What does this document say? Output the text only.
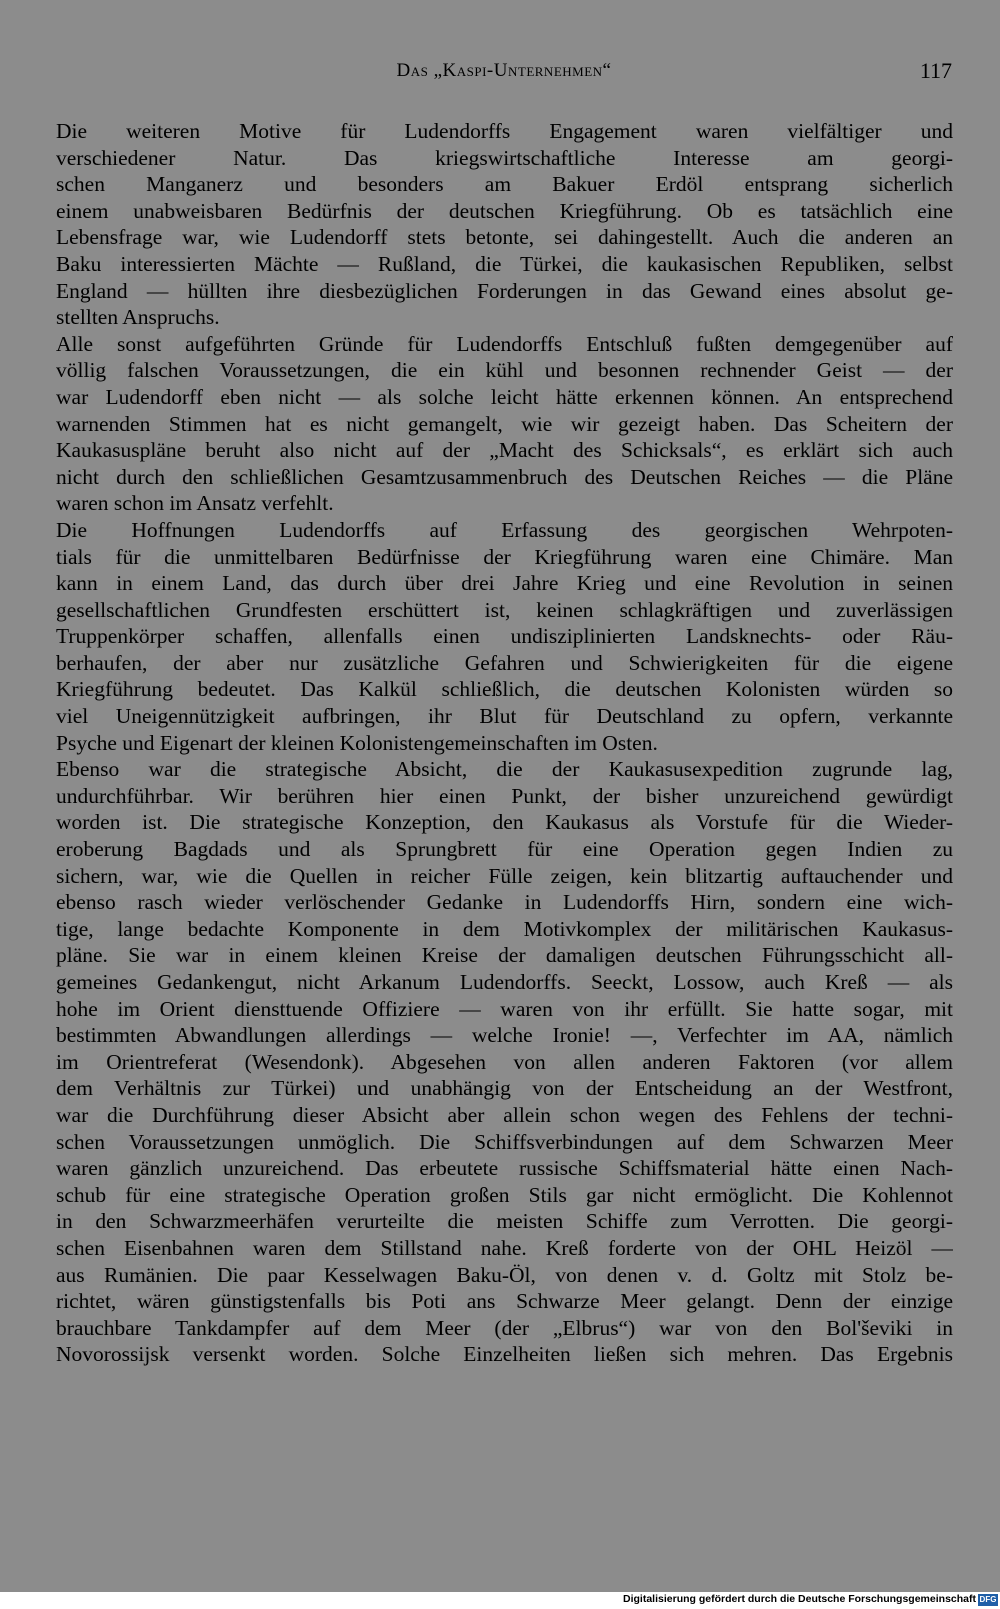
Das „Kaspi-Unternehmen“	117
Die weiteren Motive für Ludendorffs Engagement waren vielfältiger und
verschiedener Natur. Das kriegswirtschaftliche Interesse am georgi-
schen Manganerz und besonders am Bakuer Erdöl entsprang sicherlich
einem unabweisbaren Bedürfnis der deutschen Kriegführung. Ob es tatsächlich eine
Lebensfrage war, wie Ludendorff stets betonte, sei dahingestellt. Auch die anderen an
Baku interessierten Mächte — Rußland, die Türkei, die kaukasischen Republiken, selbst
England — hüllten ihre diesbezüglichen Forderungen in das Gewand eines absolut ge-
stellten Anspruchs.
Alle sonst aufgeführten Gründe für Ludendorffs Entschluß fußten demgegenüber auf
völlig falschen Voraussetzungen, die ein kühl und besonnen rechnender Geist — der
war Ludendorff eben nicht — als solche leicht hätte erkennen können. An entsprechend
warnenden Stimmen hat es nicht gemangelt, wie wir gezeigt haben. Das Scheitern der
Kaukasuspläne beruht also nicht auf der „Macht des Schicksals“, es erklärt sich auch
nicht durch den schließlichen Gesamtzusammenbruch des Deutschen Reiches — die Pläne
waren schon im Ansatz verfehlt.
Die Hoffnungen Ludendorffs auf Erfassung des georgischen Wehrpoten-
tials für die unmittelbaren Bedürfnisse der Kriegführung waren eine Chimäre. Man
kann in einem Land, das durch über drei Jahre Krieg und eine Revolution in seinen
gesellschaftlichen Grundfesten erschüttert ist, keinen schlagkräftigen und zuverlässigen
Truppenkörper schaffen, allenfalls einen undisziplinierten Landsknechts- oder Räu-
berhaufen, der aber nur zusätzliche Gefahren und Schwierigkeiten für die eigene
Kriegführung bedeutet. Das Kalkül schließlich, die deutschen Kolonisten würden so
viel Uneigennützigkeit aufbringen, ihr Blut für Deutschland zu opfern, verkannte
Psyche und Eigenart der kleinen Kolonistengemeinschaften im Osten.
Ebenso war die strategische Absicht, die der Kaukasusexpedition zugrunde lag,
undurchführbar. Wir berühren hier einen Punkt, der bisher unzureichend gewürdigt
worden ist. Die strategische Konzeption, den Kaukasus als Vorstufe für die Wieder-
eroberung Bagdads und als Sprungbrett für eine Operation gegen Indien zu
sichern, war, wie die Quellen in reicher Fülle zeigen, kein blitzartig auftauchender und
ebenso rasch wieder verlöschender Gedanke in Ludendorffs Hirn, sondern eine wich-
tige, lange bedachte Komponente in dem Motivkomplex der militärischen Kaukasus-
pläne. Sie war in einem kleinen Kreise der damaligen deutschen Führungsschicht all-
gemeines Gedankengut, nicht Arkanum Ludendorffs. Seeckt, Lossow, auch Kreß — als
hohe im Orient diensttuende Offiziere — waren von ihr erfüllt. Sie hatte sogar, mit
bestimmten Abwandlungen allerdings — welche Ironie! —, Verfechter im AA, nämlich
im Orientreferat (Wesendonk). Abgesehen von allen anderen Faktoren (vor allem
dem Verhältnis zur Türkei) und unabhängig von der Entscheidung an der Westfront,
war die Durchführung dieser Absicht aber allein schon wegen des Fehlens der techni-
schen Voraussetzungen unmöglich. Die Schiffsverbindungen auf dem Schwarzen Meer
waren gänzlich unzureichend. Das erbeutete russische Schiffsmaterial hätte einen Nach-
schub für eine strategische Operation großen Stils gar nicht ermöglicht. Die Kohlennot
in den Schwarzmeerhäfen verurteilte die meisten Schiffe zum Verrotten. Die georgi-
schen Eisenbahnen waren dem Stillstand nahe. Kreß forderte von der OHL Heizöl —
aus Rumänien. Die paar Kesselwagen Baku-Öl, von denen v. d. Goltz mit Stolz be-
richtet, wären günstigstenfalls bis Poti ans Schwarze Meer gelangt. Denn der einzige
brauchbare Tankdampfer auf dem Meer (der „Elbrus“) war von den Bol'ševiki in
Novorossijsk versenkt worden. Solche Einzelheiten ließen sich mehren. Das Ergebnis
Digitalisierung gefördert durch die Deutsche Forschungsgemeinschaft DFG
